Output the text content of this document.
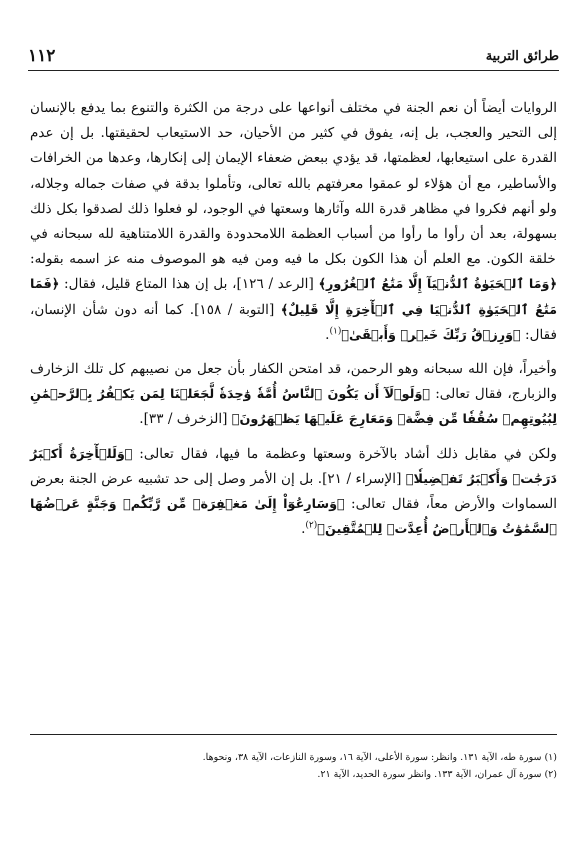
طرائق التربية
١١٢

الروايات أيضاً أن نعم الجنة في مختلف أنواعها على درجة من الكثرة والتنوع بما يدفع بالإنسان إلى التحير والعجب، بل إنه، يفوق في كثير من الأحيان، حد الاستيعاب لحقيقتها. بل إن عدم القدرة على استيعابها، لعظمتها، قد يؤدي ببعض ضعفاء الإيمان إلى إنكارها، وعدها من الخرافات والأساطير، مع أن هؤلاء لو عمقوا معرفتهم بالله تعالى، وتأملوا بدقة في صفات جماله وجلاله، ولو أنهم فكروا في مظاهر قدرة الله وآثارها وسعتها في الوجود، لو فعلوا ذلك لصدقوا بكل ذلك بسهولة، بعد أن رأوا ما رأوا من أسباب العظمة اللامحدودة والقدرة اللامتناهية لله سبحانه في خلقة الكون. مع العلم أن هذا الكون بكل ما فيه ومن فيه هو الموصوف منه عز اسمه بقوله: ﴿وَمَا ٱلۡحَيَوٰةُ ٱلدُّنۡيَآ إِلَّا مَتَٰعُ ٱلۡغُرُورِ﴾ [الرعد / ١٢٦]، بل إن هذا المتاع قليل، فقال: ﴿فَمَا مَتَٰعُ ٱلۡحَيَوٰةِ ٱلدُّنۡيَا فِي ٱلۡأٓخِرَةِ إِلَّا قَلِيلٌ﴾ [التوبة / ١٥٨]. كما أنه دون شأن الإنسان، فقال: ﴿وَرِزۡقُ رَبِّكَ خَيۡرٞ وَأَبۡقَىٰ﴾$^{(١)}$.

وأخيراً، فإن الله سبحانه وهو الرحمن، قد امتحن الكفار بأن جعل من نصيبهم كل تلك الزخارف والزبارج، فقال تعالى: ﴿وَلَوۡلَآ أَن يَكُونَ ٱلنَّاسُ أُمَّةٗ وَٰحِدَةٗ لَّجَعَلۡنَا لِمَن يَكۡفُرُ بِٱلرَّحۡمَٰنِ لِبُيُوتِهِمۡ سُقُفٗا مِّن فِضَّةٖ وَمَعَارِجَ عَلَيۡهَا يَظۡهَرُونَ﴾ [الزخرف / ٣٣].

ولكن في مقابل ذلك أشاد بالآخرة وسعتها وعظمة ما فيها، فقال تعالى: ﴿وَلَلۡأٓخِرَةُ أَكۡبَرُ دَرَجَٰتٖ وَأَكۡبَرُ تَفۡضِيلٗا﴾ [الإسراء / ٢١]. بل إن الأمر وصل إلى حد تشبيه عرض الجنة بعرض السماوات والأرض معاً، فقال تعالى: ﴿وَسَارِعُوٓاْ إِلَىٰ مَغۡفِرَةٖ مِّن رَّبِّكُمۡ وَجَنَّةٍ عَرۡضُهَا ٱلسَّمَٰوَٰتُ وَٱلۡأَرۡضُ أُعِدَّتۡ لِلۡمُتَّقِينَ﴾$^{(٢)}$.

(١) سورة طه، الآية ١٣١. وانظر: سورة الأعلى، الآية ١٦، وسورة النازعات، الآية ٣٨، ونحوها.

(٢) سورة آل عمران، الآية ١٣٣. وانظر سورة الحديد، الآية ٢١.
